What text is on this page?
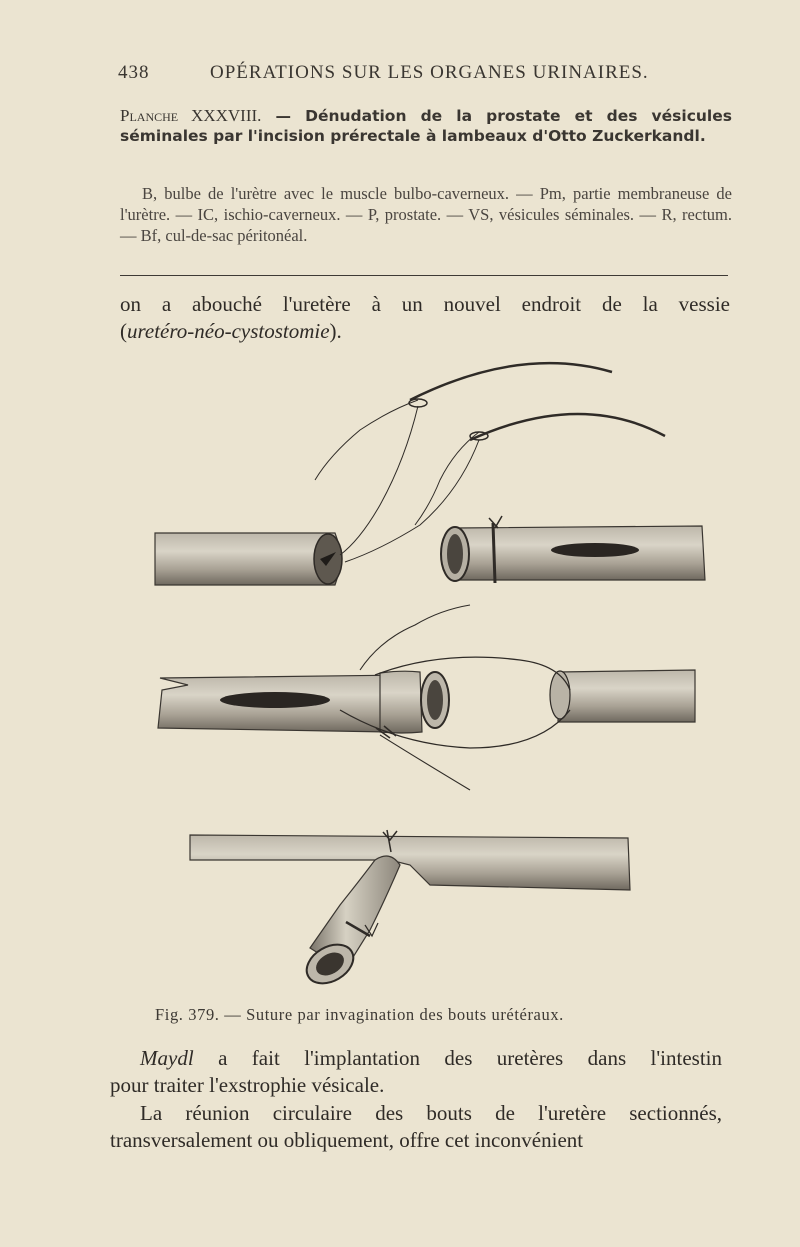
438	OPÉRATIONS SUR LES ORGANES URINAIRES.
Planche XXXVIII. — Dénudation de la prostate et des vésicules séminales par l'incision prérectale à lambeaux d'Otto Zuckerkandl.
B, bulbe de l'urètre avec le muscle bulbo-caverneux. — Pm, partie membraneuse de l'urètre. — IC, ischio-caverneux. — P, prostate. — VS, vésicules séminales. — R, rectum. — Bf, cul-de-sac péritonéal.
on a abouché l'uretère à un nouvel endroit de la vessie
(uretéro-néo-cystostomie).
Fig. 379. — Suture par invagination des bouts urétéraux.
Maydl a fait l'implantation des uretères dans l'intestin
pour traiter l'exstrophie vésicale.
La réunion circulaire des bouts de l'uretère sectionnés, transversalement ou obliquement, offre cet inconvénient
